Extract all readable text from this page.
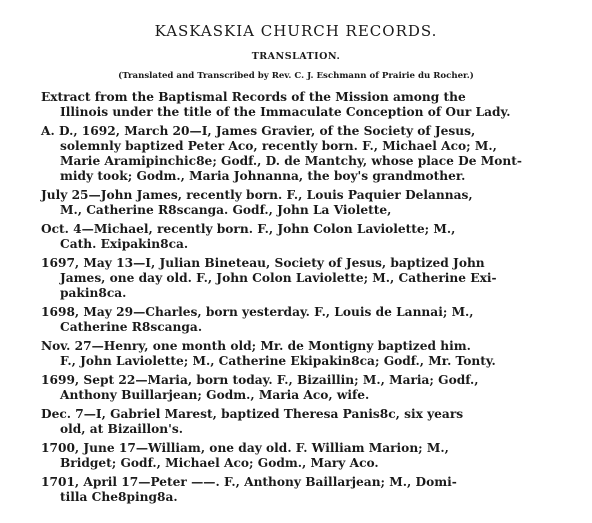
KASKASKIA CHURCH RECORDS.
TRANSLATION.
(Translated and Transcribed by Rev. C. J. Eschmann of Prairie du Rocher.)
Extract from the Baptismal Records of the Mission among the
Illinois under the title of the Immaculate Conception of Our Lady.
A. D., 1692, March 20—I, James Gravier, of the Society of Jesus,
solemnly baptized Peter Aco, recently born. F., Michael Aco; M.,
Marie Aramipinchic8e; Godf., D. de Mantchy, whose place De Mont-
midy took; Godm., Maria Johnanna, the boy's grandmother.
July 25—John James, recently born. F., Louis Paquier Delannas,
M., Catherine R8scanga. Godf., John La Violette,
Oct. 4—Michael, recently born. F., John Colon Laviolette; M.,
Cath. Exipakin8ca.
1697, May 13—I, Julian Bineteau, Society of Jesus, baptized John
James, one day old. F., John Colon Laviolette; M., Catherine Exi-
pakin8ca.
1698, May 29—Charles, born yesterday. F., Louis de Lannai; M.,
Catherine R8scanga.
Nov. 27—Henry, one month old; Mr. de Montigny baptized him.
F., John Laviolette; M., Catherine Ekipakin8ca; Godf., Mr. Tonty.
1699, Sept 22—Maria, born today. F., Bizaillin; M., Maria; Godf.,
Anthony Buillarjean; Godm., Maria Aco, wife.
Dec. 7—I, Gabriel Marest, baptized Theresa Panis8c, six years
old, at Bizaillon's.
1700, June 17—William, one day old. F. William Marion; M.,
Bridget; Godf., Michael Aco; Godm., Mary Aco.
1701, April 17—Peter ——. F., Anthony Baillarjean; M., Domi-
tilla Che8ping8a.
